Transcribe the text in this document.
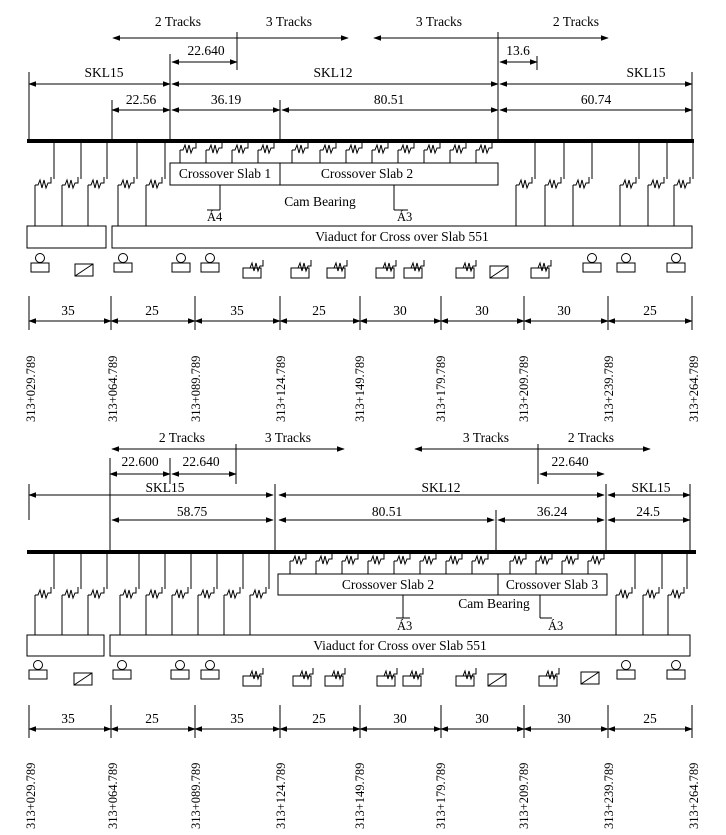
2 Tracks	3 Tracks	3 Tracks	2 Tracks
22.640	13.6
SKL15	SKL12	SKL15
22.56	36.19	80.51	60.74
Crossover Slab 1	Crossover Slab 2
Cam Bearing
Á4	Á3
Viaduct for Cross over Slab 551
35	25	35	25	30	30	30	25
313+029.789	313+064.789	313+089.789	313+124.789	313+149.789	313+179.789	313+209.789	313+239.789	313+264.789
2 Tracks	3 Tracks	3 Tracks	2 Tracks
22.600 22.640	22.640
SKL15	SKL12	SKL15
58.75	80.51	36.24	24.5
Crossover Slab 2	Crossover Slab 3
Cam Bearing
Á3	Á3
Viaduct for Cross over Slab 551
35	25	35	25	30	30	30	25
313+029.789	313+064.789	313+089.789	313+124.789	313+149.789	313+179.789	313+209.789	313+239.789	313+264.789
